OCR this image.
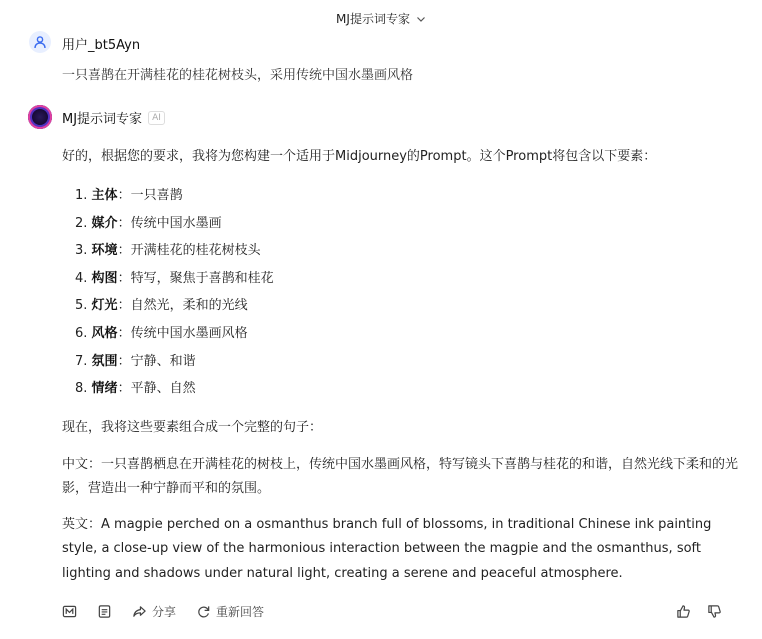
MJ提示词专家
用户_bt5Ayn
一只喜鹊在开满桂花的桂花树枝头，采用传统中国水墨画风格
MJ提示词专家	AI

好的，根据您的要求，我将为您构建一个适用于Midjourney的Prompt。这个Prompt将包含以下要素：

1. 主体：一只喜鹊
2. 媒介：传统中国水墨画
3. 环境：开满桂花的桂花树枝头
4. 构图：特写，聚焦于喜鹊和桂花
5. 灯光：自然光，柔和的光线
6. 风格：传统中国水墨画风格
7. 氛围：宁静、和谐
8. 情绪：平静、自然

现在，我将这些要素组合成一个完整的句子：

中文：一只喜鹊栖息在开满桂花的树枝上，传统中国水墨画风格，特写镜头下喜鹊与桂花的和谐，自然光线下柔和的光影，营造出一种宁静而平和的氛围。

英文：A magpie perched on a osmanthus branch full of blossoms, in traditional Chinese ink painting style, a close-up view of the harmonious interaction between the magpie and the osmanthus, soft lighting and shadows under natural light, creating a serene and peaceful atmosphere.

分享	重新回答
